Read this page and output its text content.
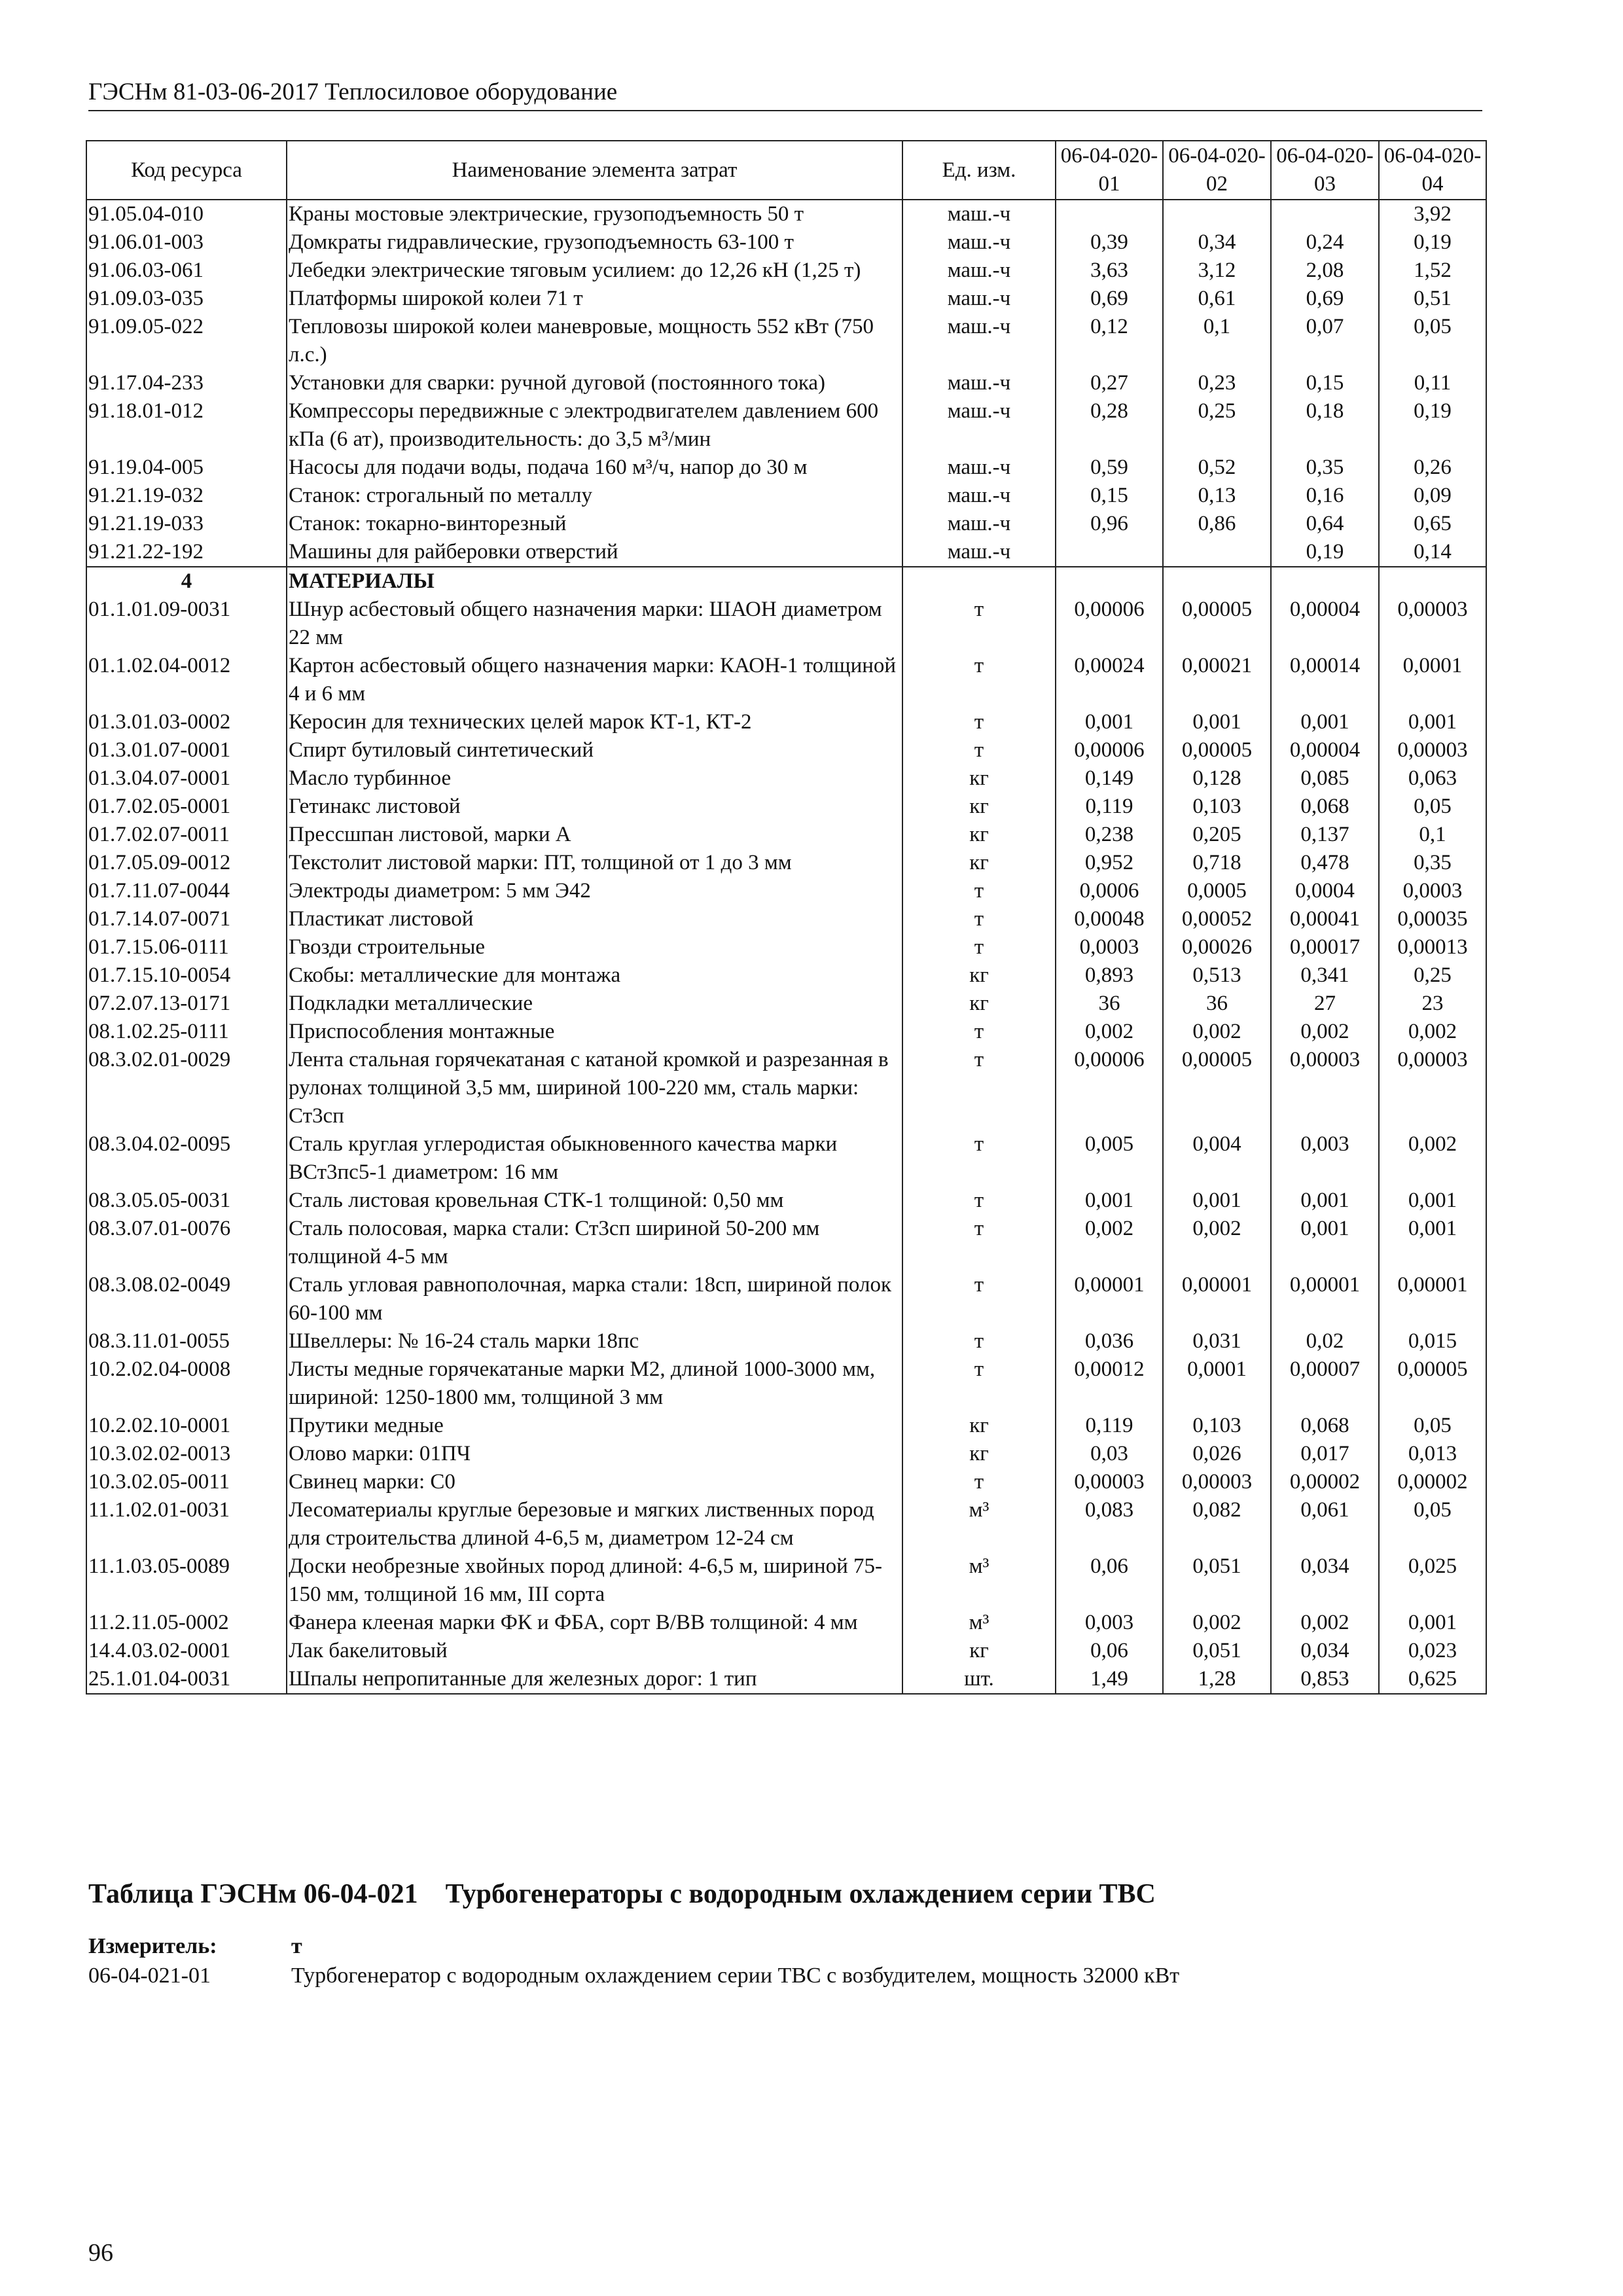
ГЭСНм 81-03-06-2017 Теплосиловое оборудование
Код ресурса	Наименование элемента затрат	Ед. изм.	06-04-020-01	06-04-020-02	06-04-020-03	06-04-020-04
91.05.04-010	Краны мостовые электрические, грузоподъемность 50 т	маш.-ч				3,92
91.06.01-003	Домкраты гидравлические, грузоподъемность 63-100 т	маш.-ч	0,39	0,34	0,24	0,19
91.06.03-061	Лебедки электрические тяговым усилием: до 12,26 кН (1,25 т)	маш.-ч	3,63	3,12	2,08	1,52
91.09.03-035	Платформы широкой колеи 71 т	маш.-ч	0,69	0,61	0,69	0,51
91.09.05-022	Тепловозы широкой колеи маневровые, мощность 552 кВт (750 л.с.)	маш.-ч	0,12	0,1	0,07	0,05
91.17.04-233	Установки для сварки: ручной дуговой (постоянного тока)	маш.-ч	0,27	0,23	0,15	0,11
91.18.01-012	Компрессоры передвижные с электродвигателем давлением 600 кПа (6 ат), производительность: до 3,5 м³/мин	маш.-ч	0,28	0,25	0,18	0,19
91.19.04-005	Насосы для подачи воды, подача 160 м³/ч, напор до 30 м	маш.-ч	0,59	0,52	0,35	0,26
91.21.19-032	Станок: строгальный по металлу	маш.-ч	0,15	0,13	0,16	0,09
91.21.19-033	Станок: токарно-винторезный	маш.-ч	0,96	0,86	0,64	0,65
91.21.22-192	Машины для райберовки отверстий	маш.-ч			0,19	0,14
4	МАТЕРИАЛЫ					
01.1.01.09-0031	Шнур асбестовый общего назначения марки: ШАОН диаметром 22 мм	т	0,00006	0,00005	0,00004	0,00003
01.1.02.04-0012	Картон асбестовый общего назначения марки: КАОН-1 толщиной 4 и 6 мм	т	0,00024	0,00021	0,00014	0,0001
01.3.01.03-0002	Керосин для технических целей марок КТ-1, КТ-2	т	0,001	0,001	0,001	0,001
01.3.01.07-0001	Спирт бутиловый синтетический	т	0,00006	0,00005	0,00004	0,00003
01.3.04.07-0001	Масло турбинное	кг	0,149	0,128	0,085	0,063
01.7.02.05-0001	Гетинакс листовой	кг	0,119	0,103	0,068	0,05
01.7.02.07-0011	Прессшпан листовой, марки А	кг	0,238	0,205	0,137	0,1
01.7.05.09-0012	Текстолит листовой марки: ПТ, толщиной от 1 до 3 мм	кг	0,952	0,718	0,478	0,35
01.7.11.07-0044	Электроды диаметром: 5 мм Э42	т	0,0006	0,0005	0,0004	0,0003
01.7.14.07-0071	Пластикат листовой	т	0,00048	0,00052	0,00041	0,00035
01.7.15.06-0111	Гвозди строительные	т	0,0003	0,00026	0,00017	0,00013
01.7.15.10-0054	Скобы: металлические для монтажа	кг	0,893	0,513	0,341	0,25
07.2.07.13-0171	Подкладки металлические	кг	36	36	27	23
08.1.02.25-0111	Приспособления монтажные	т	0,002	0,002	0,002	0,002
08.3.02.01-0029	Лента стальная горячекатаная с катаной кромкой и разрезанная в рулонах толщиной 3,5 мм, шириной 100-220 мм, сталь марки: Ст3сп	т	0,00006	0,00005	0,00003	0,00003
08.3.04.02-0095	Сталь круглая углеродистая обыкновенного качества марки ВСт3пс5-1 диаметром: 16 мм	т	0,005	0,004	0,003	0,002
08.3.05.05-0031	Сталь листовая кровельная СТК-1 толщиной: 0,50 мм	т	0,001	0,001	0,001	0,001
08.3.07.01-0076	Сталь полосовая, марка стали: Ст3сп шириной 50-200 мм толщиной 4-5 мм	т	0,002	0,002	0,001	0,001
08.3.08.02-0049	Сталь угловая равнополочная, марка стали: 18сп, шириной полок 60-100 мм	т	0,00001	0,00001	0,00001	0,00001
08.3.11.01-0055	Швеллеры: № 16-24 сталь марки 18пс	т	0,036	0,031	0,02	0,015
10.2.02.04-0008	Листы медные горячекатаные марки М2, длиной 1000-3000 мм, шириной: 1250-1800 мм, толщиной 3 мм	т	0,00012	0,0001	0,00007	0,00005
10.2.02.10-0001	Прутики медные	кг	0,119	0,103	0,068	0,05
10.3.02.02-0013	Олово марки: 01ПЧ	кг	0,03	0,026	0,017	0,013
10.3.02.05-0011	Свинец марки: С0	т	0,00003	0,00003	0,00002	0,00002
11.1.02.01-0031	Лесоматериалы круглые березовые и мягких лиственных пород для строительства длиной 4-6,5 м, диаметром 12-24 см	м³	0,083	0,082	0,061	0,05
11.1.03.05-0089	Доски необрезные хвойных пород длиной: 4-6,5 м, шириной 75-150 мм, толщиной 16 мм, III сорта	м³	0,06	0,051	0,034	0,025
11.2.11.05-0002	Фанера клееная марки ФК и ФБА, сорт В/ВВ толщиной: 4 мм	м³	0,003	0,002	0,002	0,001
14.4.03.02-0001	Лак бакелитовый	кг	0,06	0,051	0,034	0,023
25.1.01.04-0031	Шпалы непропитанные для железных дорог: 1 тип	шт.	1,49	1,28	0,853	0,625
Таблица ГЭСНм 06-04-021    Турбогенераторы с водородным охлаждением серии ТВС
Измеритель:	т
06-04-021-01	Турбогенератор с водородным охлаждением серии ТВС с возбудителем, мощность 32000 кВт
96
